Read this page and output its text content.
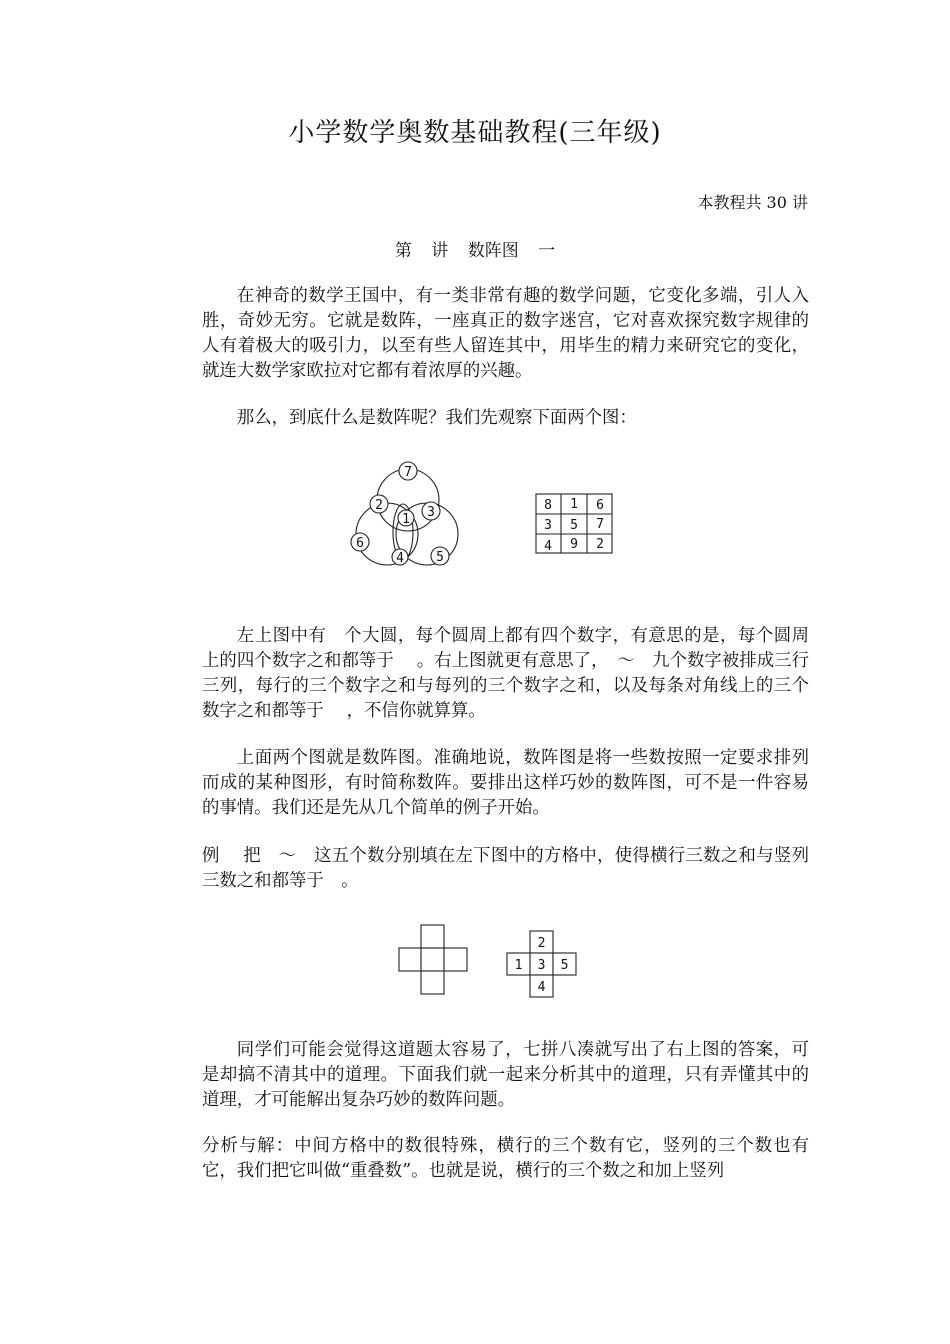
小学数学奥数基础教程(三年级)
本教程共 30 讲
第 讲 数阵图 一
在神奇的数学王国中，有一类非常有趣的数学问题，它变化多端，引人入胜，奇妙无穷。它就是数阵，一座真正的数字迷宫，它对喜欢探究数字规律的人有着极大的吸引力，以至有些人留连其中，用毕生的精力来研究它的变化，就连大数学家欧拉对它都有着浓厚的兴趣。
那么，到底什么是数阵呢？我们先观察下面两个图：
7
2
1 3
6
4 5
8 1 6
3 5 7
4 9 2
左上图中有　个大圆，每个圆周上都有四个数字，有意思的是，每个圆周上的四个数字之和都等于　 。右上图就更有意思了，　～　九个数字被排成三行三列，每行的三个数字之和与每列的三个数字之和，以及每条对角线上的三个数字之和都等于　 ，不信你就算算。
上面两个图就是数阵图。准确地说，数阵图是将一些数按照一定要求排列而成的某种图形，有时简称数阵。要排出这样巧妙的数阵图，可不是一件容易的事情。我们还是先从几个简单的例子开始。
例　 把　～　这五个数分别填在左下图中的方格中，使得横行三数之和与竖列三数之和都等于　。
2
1 3 5
4
同学们可能会觉得这道题太容易了，七拼八凑就写出了右上图的答案，可是却搞不清其中的道理。下面我们就一起来分析其中的道理，只有弄懂其中的道理，才可能解出复杂巧妙的数阵问题。
分析与解：中间方格中的数很特殊，横行的三个数有它，竖列的三个数也有它，我们把它叫做“重叠数”。也就是说，横行的三个数之和加上竖列
